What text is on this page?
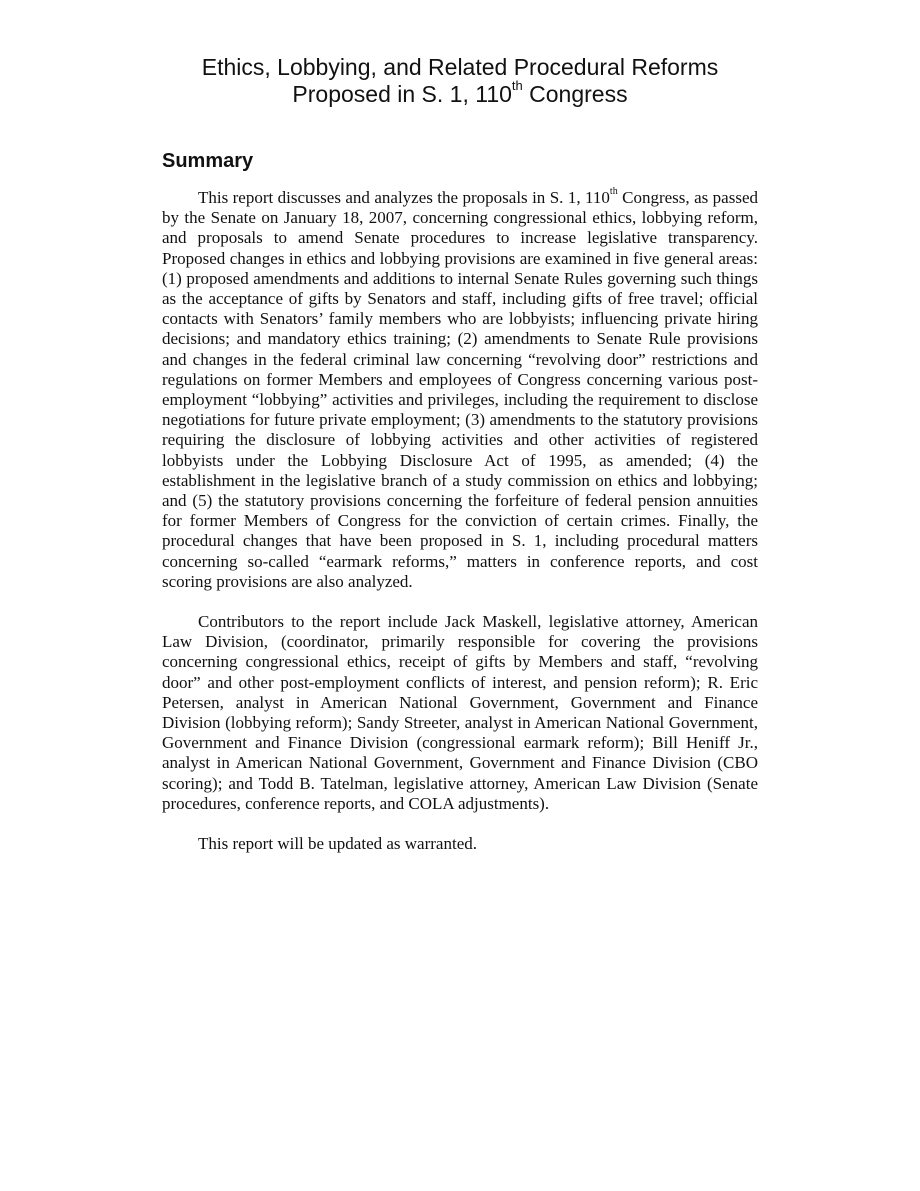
Ethics, Lobbying, and Related Procedural Reforms
Proposed in S. 1, 110th Congress
Summary

This report discusses and analyzes the proposals in S. 1, 110th Congress, as passed by the Senate on January 18, 2007, concerning congressional ethics, lobbying reform, and proposals to amend Senate procedures to increase legislative transparency. Proposed changes in ethics and lobbying provisions are examined in five general areas: (1) proposed amendments and additions to internal Senate Rules governing such things as the acceptance of gifts by Senators and staff, including gifts of free travel; official contacts with Senators’ family members who are lobbyists; influencing private hiring decisions; and mandatory ethics training; (2) amendments to Senate Rule provisions and changes in the federal criminal law concerning “revolving door” restrictions and regulations on former Members and employees of Congress concerning various post-employment “lobbying” activities and privileges, including the requirement to disclose negotiations for future private employment; (3) amendments to the statutory provisions requiring the disclosure of lobbying activities and other activities of registered lobbyists under the Lobbying Disclosure Act of 1995, as amended; (4) the establishment in the legislative branch of a study commission on ethics and lobbying; and (5) the statutory provisions concerning the forfeiture of federal pension annuities for former Members of Congress for the conviction of certain crimes. Finally, the procedural changes that have been proposed in S. 1, including procedural matters concerning so-called “earmark reforms,” matters in conference reports, and cost scoring provisions are also analyzed.

Contributors to the report include Jack Maskell, legislative attorney, American Law Division, (coordinator, primarily responsible for covering the provisions concerning congressional ethics, receipt of gifts by Members and staff, “revolving door” and other post-employment conflicts of interest, and pension reform); R. Eric Petersen, analyst in American National Government, Government and Finance Division (lobbying reform); Sandy Streeter, analyst in American National Government, Government and Finance Division (congressional earmark reform); Bill Heniff Jr., analyst in American National Government, Government and Finance Division (CBO scoring); and Todd B. Tatelman, legislative attorney, American Law Division (Senate procedures, conference reports, and COLA adjustments).

This report will be updated as warranted.
